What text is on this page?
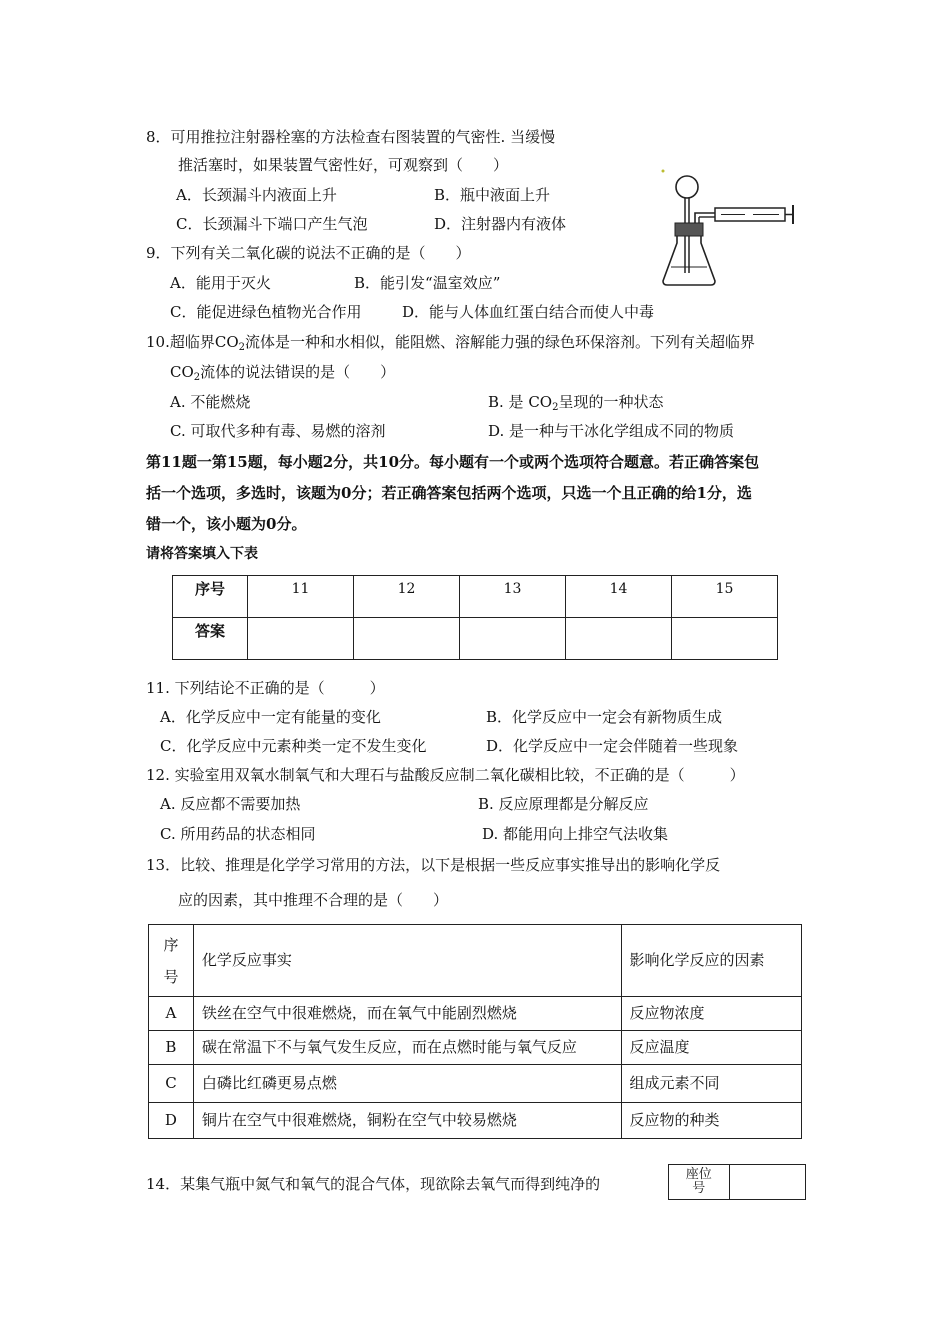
8．可用推拉注射器栓塞的方法检查右图装置的气密性. 当缓慢
推活塞时，如果装置气密性好，可观察到（　　）
A．长颈漏斗内液面上升	B．瓶中液面上升
C．长颈漏斗下端口产生气泡	D．注射器内有液体
9．下列有关二氧化碳的说法不正确的是（　　）
A．能用于灭火	B．能引发“温室效应”
C．能促进绿色植物光合作用	D．能与人体血红蛋白结合而使人中毒
10.超临界$CO_2$流体是一种和水相似，能阻燃、溶解能力强的绿色环保溶剂。下列有关超临界
$CO_2$流体的说法错误的是（　　）
A. 不能燃烧	B. 是 $CO_2$呈现的一种状态
C. 可取代多种有毒、易燃的溶剂	D. 是一种与干冰化学组成不同的物质
第11题一第15题，每小题2分，共10分。每小题有一个或两个选项符合题意。若正确答案包
括一个选项，多选时，该题为0分；若正确答案包括两个选项，只选一个且正确的给1分，选
错一个，该小题为0分。
请将答案填入下表
序号	11	12	13	14	15
答案					
11. 下列结论不正确的是（　　　）
A．化学反应中一定有能量的变化	B．化学反应中一定会有新物质生成
C．化学反应中元素种类一定不发生变化	D．化学反应中一定会伴随着一些现象
12. 实验室用双氧水制氧气和大理石与盐酸反应制二氧化碳相比较，不正确的是（　　　）
A. 反应都不需要加热	B. 反应原理都是分解反应
C. 所用药品的状态相同	D. 都能用向上排空气法收集
13．比较、推理是化学学习常用的方法，以下是根据一些反应事实推导出的影响化学反
应的因素，其中推理不合理的是（　　）
序
号	化学反应事实	影响化学反应的因素
A	铁丝在空气中很难燃烧，而在氧气中能剧烈燃烧	反应物浓度
B	碳在常温下不与氧气发生反应，而在点燃时能与氧气反应	反应温度
C	白磷比红磷更易点燃	组成元素不同
D	铜片在空气中很难燃烧，铜粉在空气中较易燃烧	反应物的种类
14．某集气瓶中氮气和氧气的混合气体，现欲除去氧气而得到纯净的
座位
号	
